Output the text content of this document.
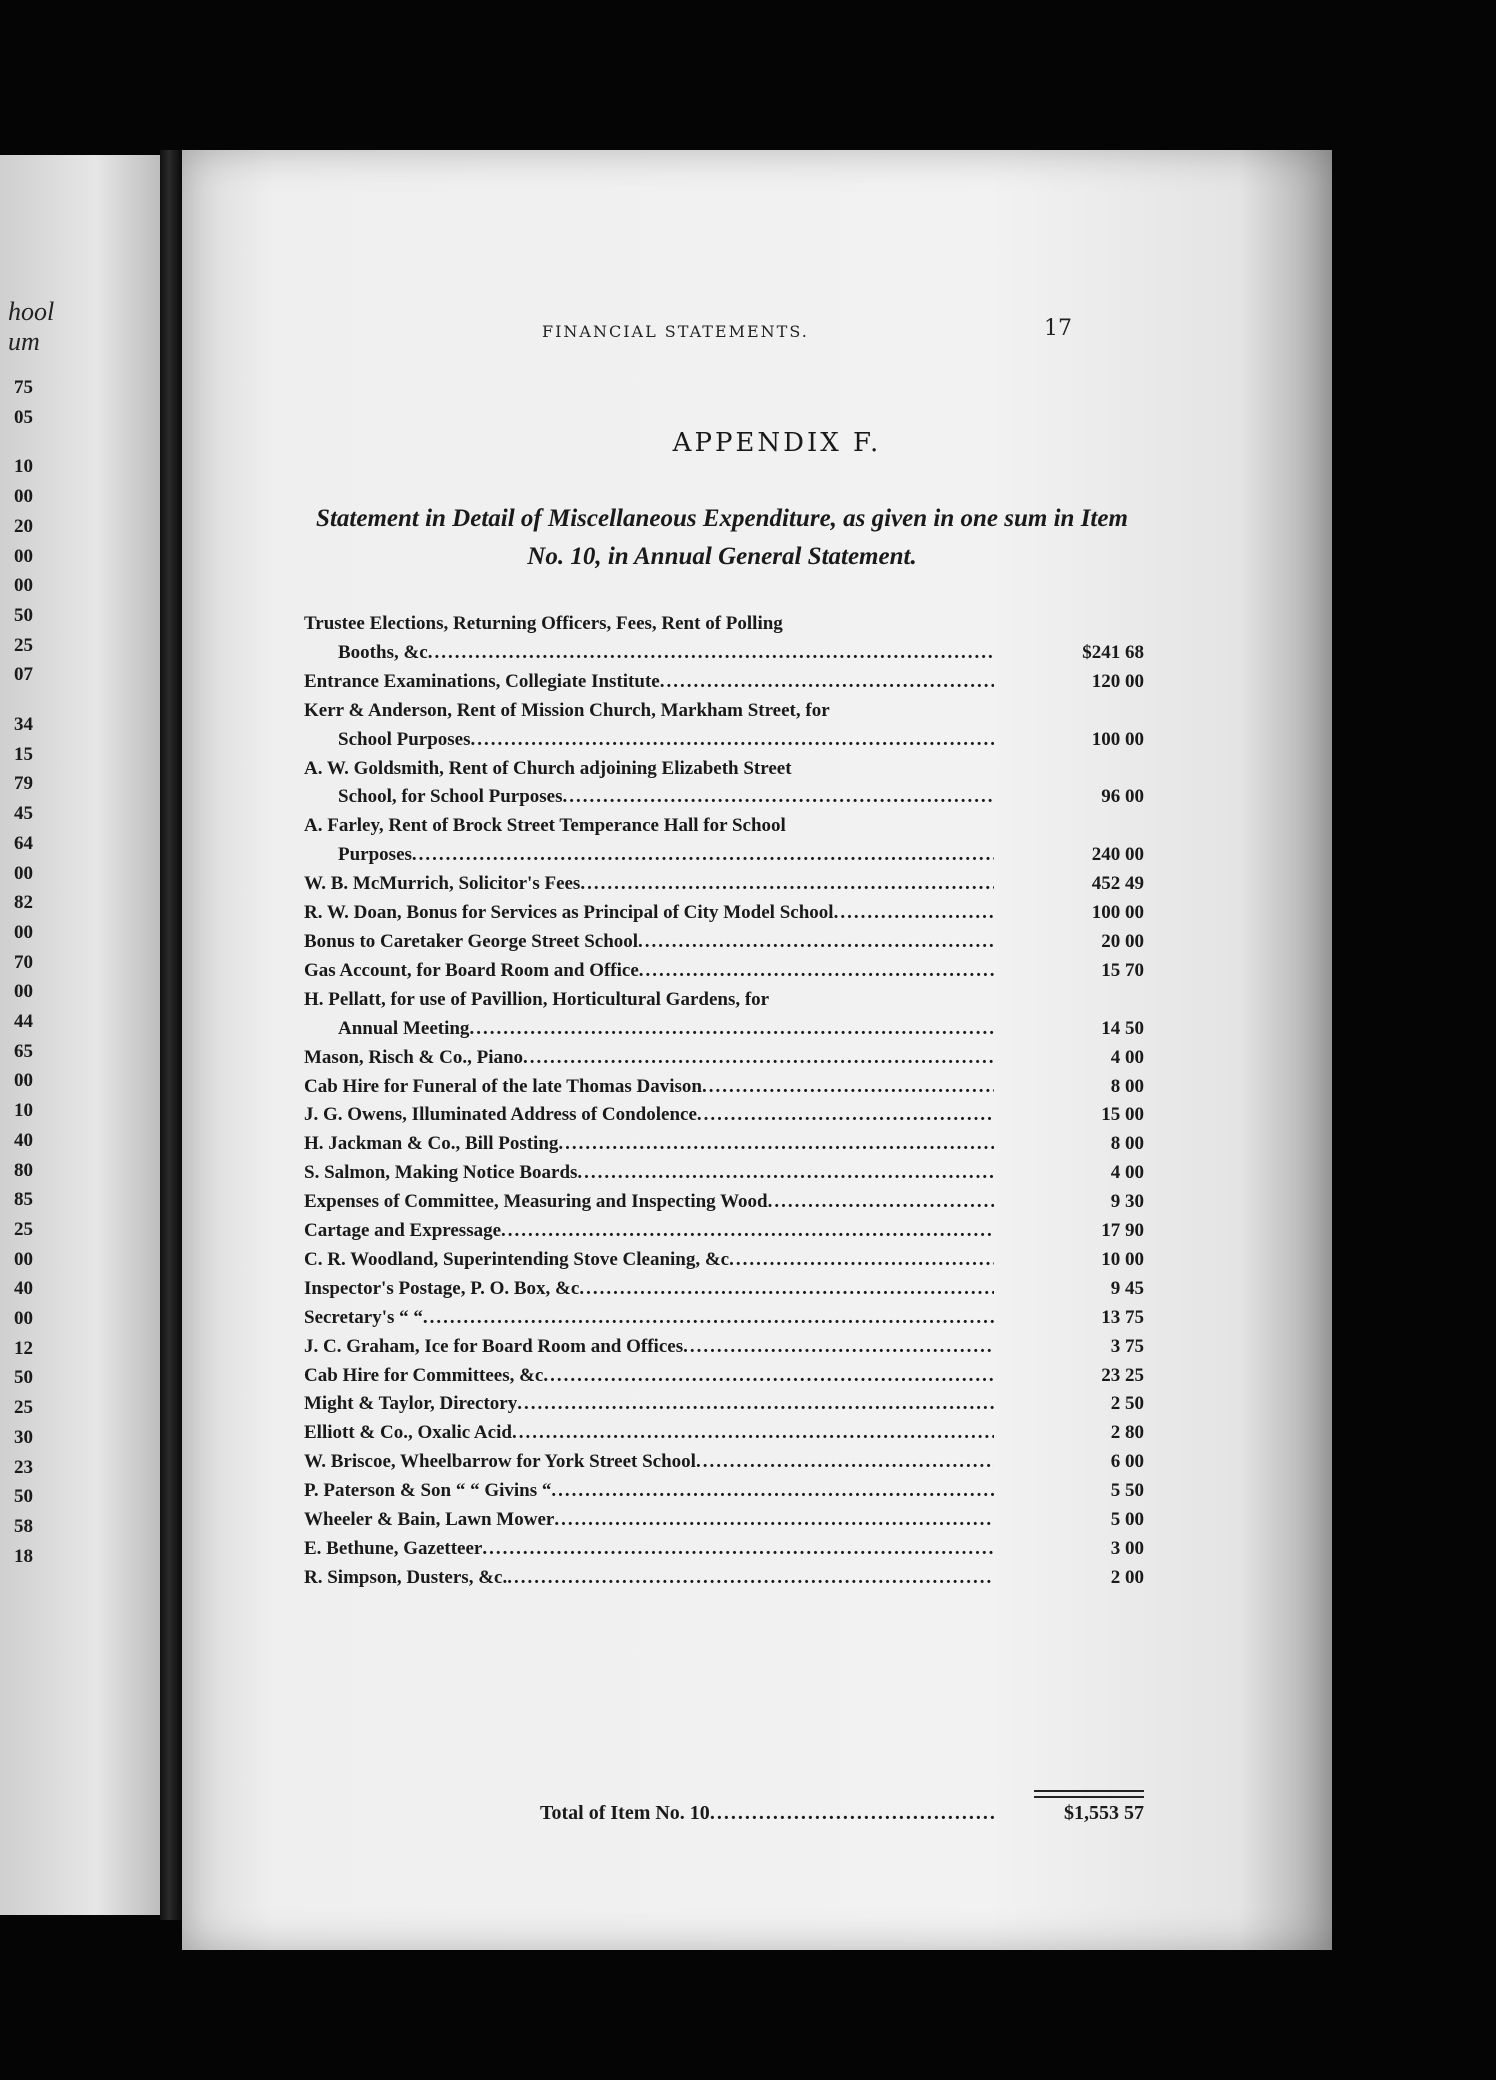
hool
um
75
05
10
00
20
00
00
50
25
07
34
15
79
45
64
00
82
00
70
00
44
65
00
10
40
80
85
25
00
40
00
12
50
25
30
23
50
58
18
FINANCIAL STATEMENTS.	17
APPENDIX F.
Statement in Detail of Miscellaneous Expenditure, as given in one sum in Item No. 10, in Annual General Statement.
Trustee Elections, Returning Officers, Fees, Rent of Polling
Booths, &c .....	$241 68
Entrance Examinations, Collegiate Institute .....	120 00
Kerr & Anderson, Rent of Mission Church, Markham Street, for
School Purposes .....	100 00
A. W. Goldsmith, Rent of Church adjoining Elizabeth Street
School, for School Purposes .....	96 00
A. Farley, Rent of Brock Street Temperance Hall for School
Purposes .....	240 00
W. B. McMurrich, Solicitor's Fees .....	452 49
R. W. Doan, Bonus for Services as Principal of City Model School .....	100 00
Bonus to Caretaker George Street School .....	20 00
Gas Account, for Board Room and Office .....	15 70
H. Pellatt, for use of Pavillion, Horticultural Gardens, for
Annual Meeting .....	14 50
Mason, Risch & Co., Piano .....	4 00
Cab Hire for Funeral of the late Thomas Davison .....	8 00
J. G. Owens, Illuminated Address of Condolence .....	15 00
H. Jackman & Co., Bill Posting .....	8 00
S. Salmon, Making Notice Boards .....	4 00
Expenses of Committee, Measuring and Inspecting Wood .....	9 30
Cartage and Expressage .....	17 90
C. R. Woodland, Superintending Stove Cleaning, &c .....	10 00
Inspector's Postage, P. O. Box, &c .....	9 45
Secretary's “ “ .....	13 75
J. C. Graham, Ice for Board Room and Offices .....	3 75
Cab Hire for Committees, &c .....	23 25
Might & Taylor, Directory .....	2 50
Elliott & Co., Oxalic Acid .....	2 80
W. Briscoe, Wheelbarrow for York Street School .....	6 00
P. Paterson & Son “ “ Givins “ .....	5 50
Wheeler & Bain, Lawn Mower .....	5 00
E. Bethune, Gazetteer .....	3 00
R. Simpson, Dusters, &c. .....	2 00
Total of Item No. 10 .....	$1,553 57
